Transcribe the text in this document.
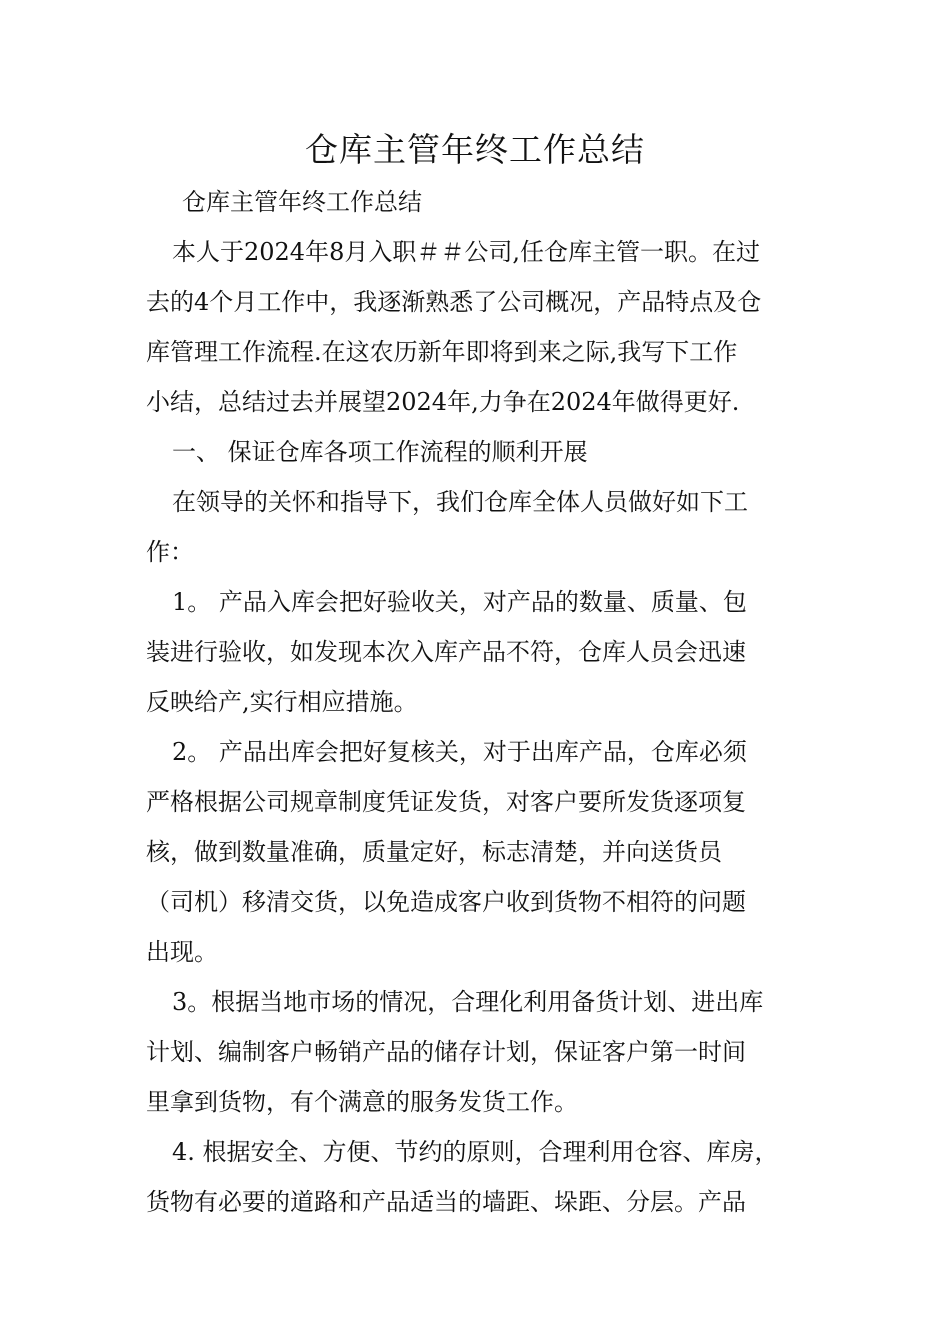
仓库主管年终工作总结

仓库主管年终工作总结

本人于2024年8月入职＃＃公司,任仓库主管一职。在过
去的4个月工作中，我逐渐熟悉了公司概况，产品特点及仓
库管理工作流程.在这农历新年即将到来之际,我写下工作
小结，总结过去并展望2024年,力争在2024年做得更好.

一、 保证仓库各项工作流程的顺利开展

在领导的关怀和指导下，我们仓库全体人员做好如下工
作：

1。 产品入库会把好验收关，对产品的数量、质量、包
装进行验收，如发现本次入库产品不符，仓库人员会迅速
反映给产,实行相应措施。

2。 产品出库会把好复核关，对于出库产品，仓库必须
严格根据公司规章制度凭证发货，对客户要所发货逐项复
核，做到数量准确，质量定好，标志清楚，并向送货员
（司机）移清交货，以免造成客户收到货物不相符的问题
出现。

3。根据当地市场的情况，合理化利用备货计划、进出库
计划、编制客户畅销产品的储存计划，保证客户第一时间
里拿到货物，有个满意的服务发货工作。

4. 根据安全、方便、节约的原则，合理利用仓容、库房，
货物有必要的道路和产品适当的墙距、垛距、分层。产品
